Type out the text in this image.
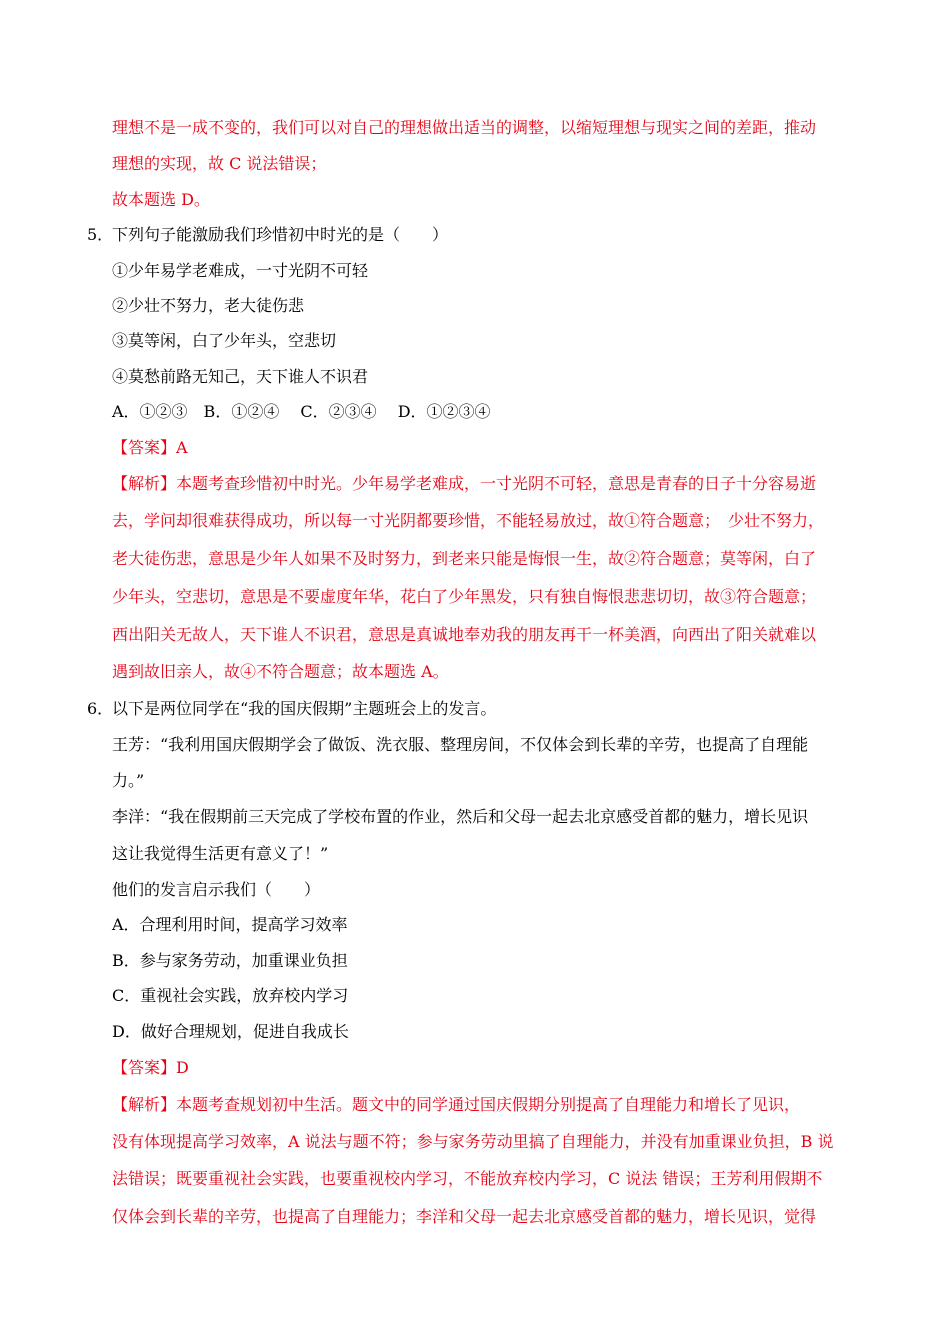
理想不是一成不变的，我们可以对自己的理想做出适当的调整，以缩短理想与现实之间的差距，推动
理想的实现，故 C 说法错误；
故本题选 D。
5．
下列句子能激励我们珍惜初中时光的是（　　）
①少年易学老难成，一寸光阴不可轻
②少壮不努力，老大徒伤悲
③莫等闲，白了少年头，空悲切
④莫愁前路无知己，天下谁人不识君
A．①②③　B．①②④　 C．②③④　 D．①②③④
【答案】A
【解析】本题考查珍惜初中时光。少年易学老难成，一寸光阴不可轻，意思是青春的日子十分容易逝
去，学问却很难获得成功，所以每一寸光阴都要珍惜，不能轻易放过，故①符合题意；　少壮不努力，
老大徒伤悲，意思是少年人如果不及时努力，到老来只能是悔恨一生，故②符合题意；莫等闲，白了
少年头，空悲切，意思是不要虚度年华，花白了少年黑发，只有独自悔恨悲悲切切，故③符合题意；
西出阳关无故人，天下谁人不识君，意思是真诚地奉劝我的朋友再干一杯美酒，向西出了阳关就难以
遇到故旧亲人，故④不符合题意；故本题选 A。
6．
以下是两位同学在“我的国庆假期”主题班会上的发言。
王芳：“我利用国庆假期学会了做饭、洗衣服、整理房间，不仅体会到长辈的辛劳，也提高了自理能
力。”
李洋：“我在假期前三天完成了学校布置的作业，然后和父母一起去北京感受首都的魅力，增长见识
这让我觉得生活更有意义了！”
他们的发言启示我们（　　）
A．合理利用时间，提高学习效率
B．参与家务劳动，加重课业负担
C．重视社会实践，放弃校内学习
D．做好合理规划，促进自我成长
【答案】D
【解析】本题考查规划初中生活。题文中的同学通过国庆假期分别提高了自理能力和增长了见识，
没有体现提高学习效率，A 说法与题不符；参与家务劳动里搞了自理能力，并没有加重课业负担，B 说
法错误；既要重视社会实践，也要重视校内学习，不能放弃校内学习，C 说法 错误；王芳利用假期不
仅体会到长辈的辛劳，也提高了自理能力；李洋和父母一起去北京感受首都的魅力，增长见识，觉得
